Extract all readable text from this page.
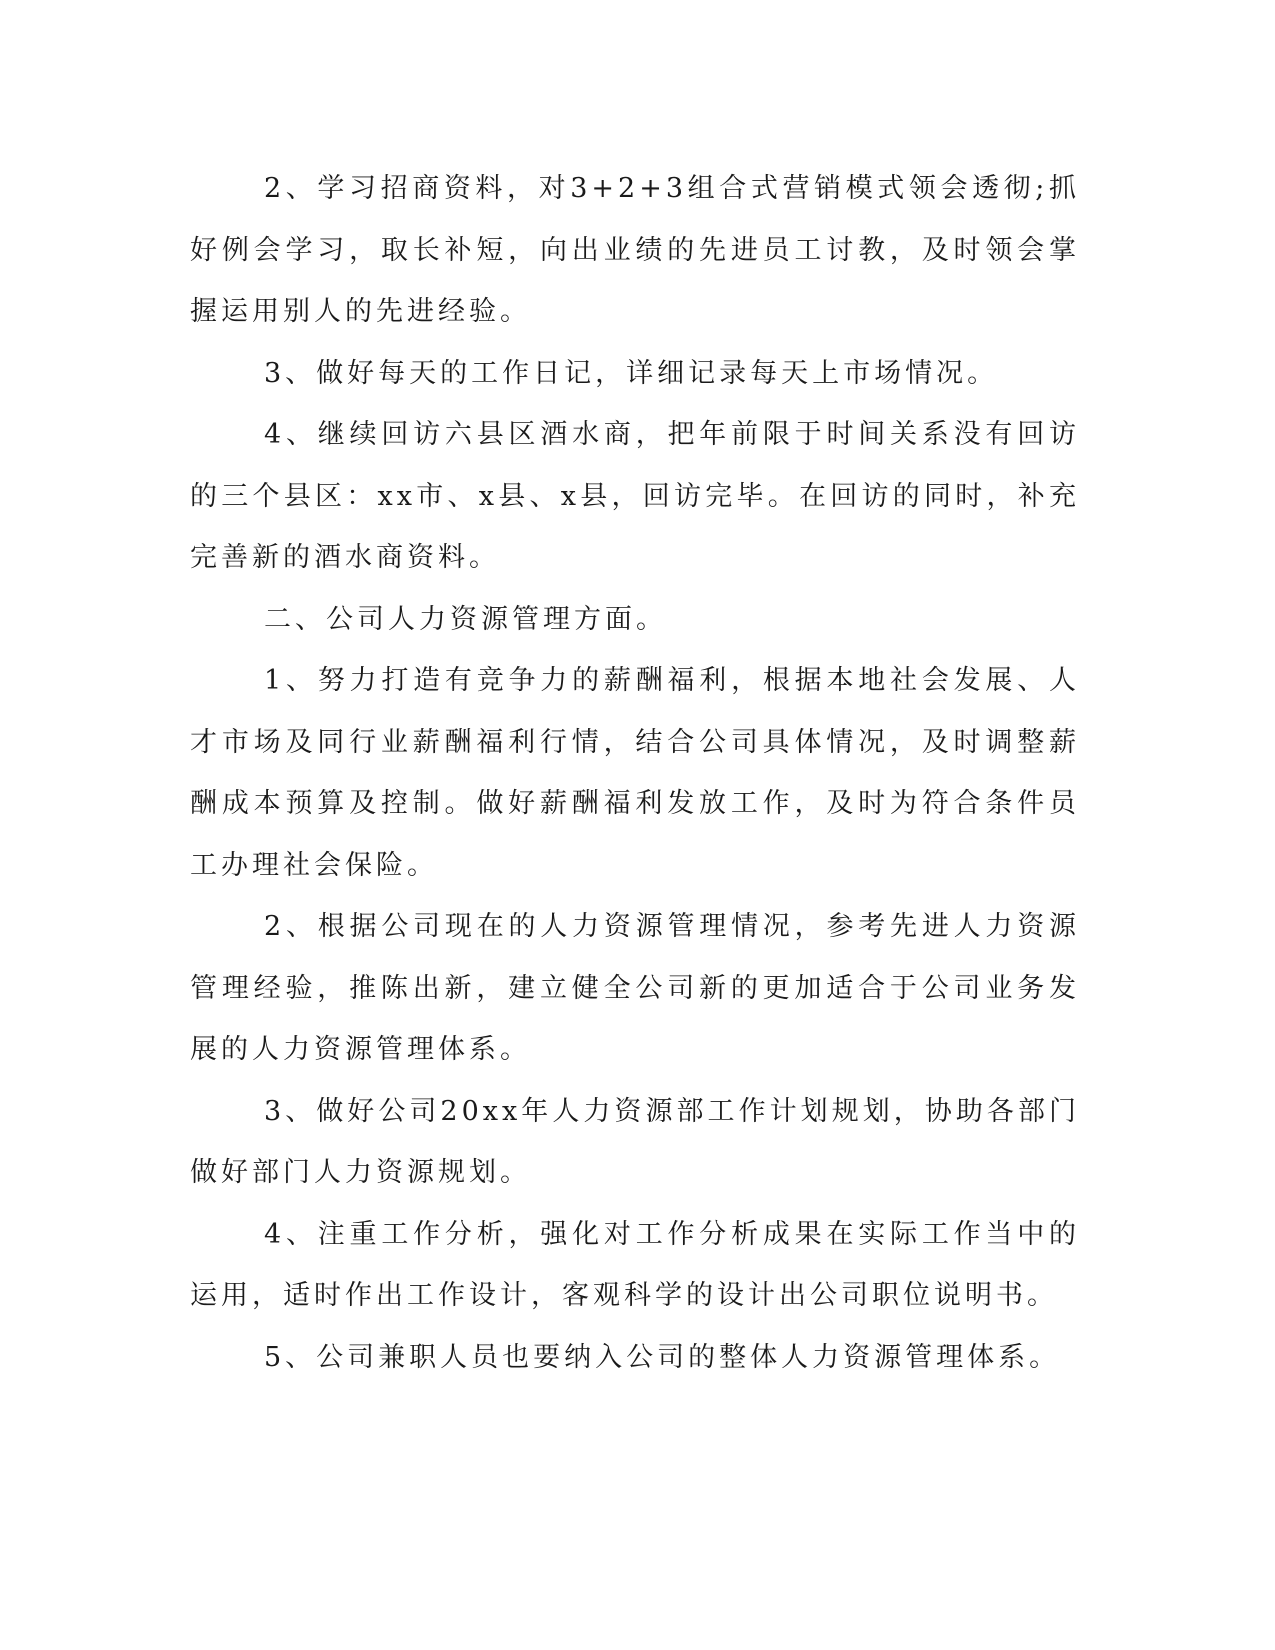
2、学习招商资料，对3+2+3组合式营销模式领会透彻;抓好例会学习，取长补短，向出业绩的先进员工讨教，及时领会掌握运用别人的先进经验。

3、做好每天的工作日记，详细记录每天上市场情况。

4、继续回访六县区酒水商，把年前限于时间关系没有回访的三个县区：xx市、x县、x县，回访完毕。在回访的同时，补充完善新的酒水商资料。

二、公司人力资源管理方面。

1、努力打造有竞争力的薪酬福利，根据本地社会发展、人才市场及同行业薪酬福利行情，结合公司具体情况，及时调整薪酬成本预算及控制。做好薪酬福利发放工作，及时为符合条件员工办理社会保险。

2、根据公司现在的人力资源管理情况，参考先进人力资源管理经验，推陈出新，建立健全公司新的更加适合于公司业务发展的人力资源管理体系。

3、做好公司20xx年人力资源部工作计划规划，协助各部门做好部门人力资源规划。

4、注重工作分析，强化对工作分析成果在实际工作当中的运用，适时作出工作设计，客观科学的设计出公司职位说明书。

5、公司兼职人员也要纳入公司的整体人力资源管理体系。
